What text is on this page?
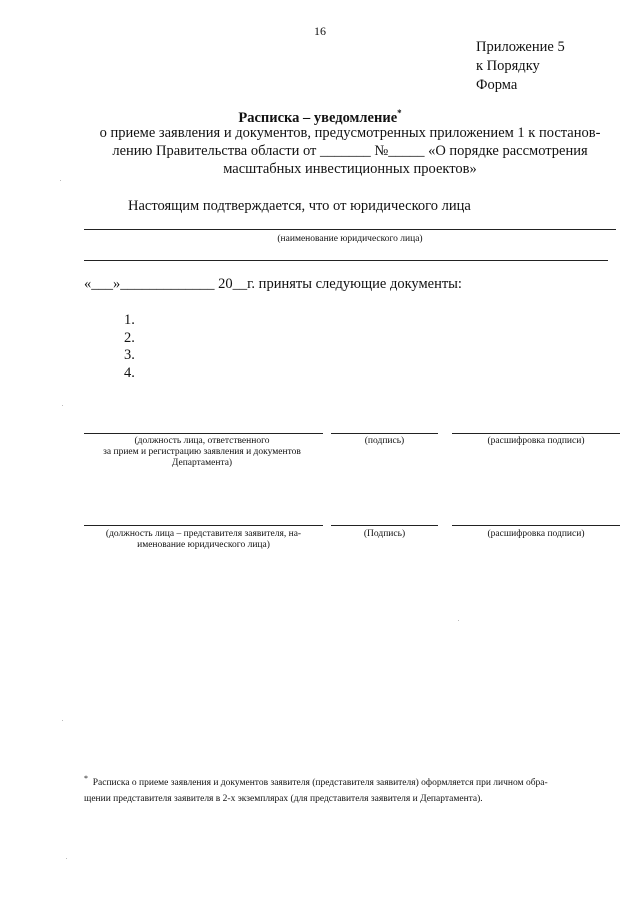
16
Приложение 5
к Порядку
Форма
Расписка – уведомление*
о приеме заявления и документов, предусмотренных приложением 1 к постанов-
лению Правительства области от _______ №_____ «О порядке рассмотрения
масштабных инвестиционных проектов»
Настоящим подтверждается, что от юридического лица
(наименование юридического лица)
«___»_____________ 20__г. приняты следующие документы:
1.
2.
3.
4.
(должность лица, ответственного
за прием и регистрацию заявления и документов
Департамента)
(подпись)	(расшифровка подписи)
(должность лица – представителя заявителя, на-
именование юридического лица)
(Подпись)	(расшифровка подписи)
* Расписка о приеме заявления и документов заявителя (представителя заявителя) оформляется при личном обра-
щении представителя заявителя в 2-х экземплярах (для представителя заявителя и Департамента).
